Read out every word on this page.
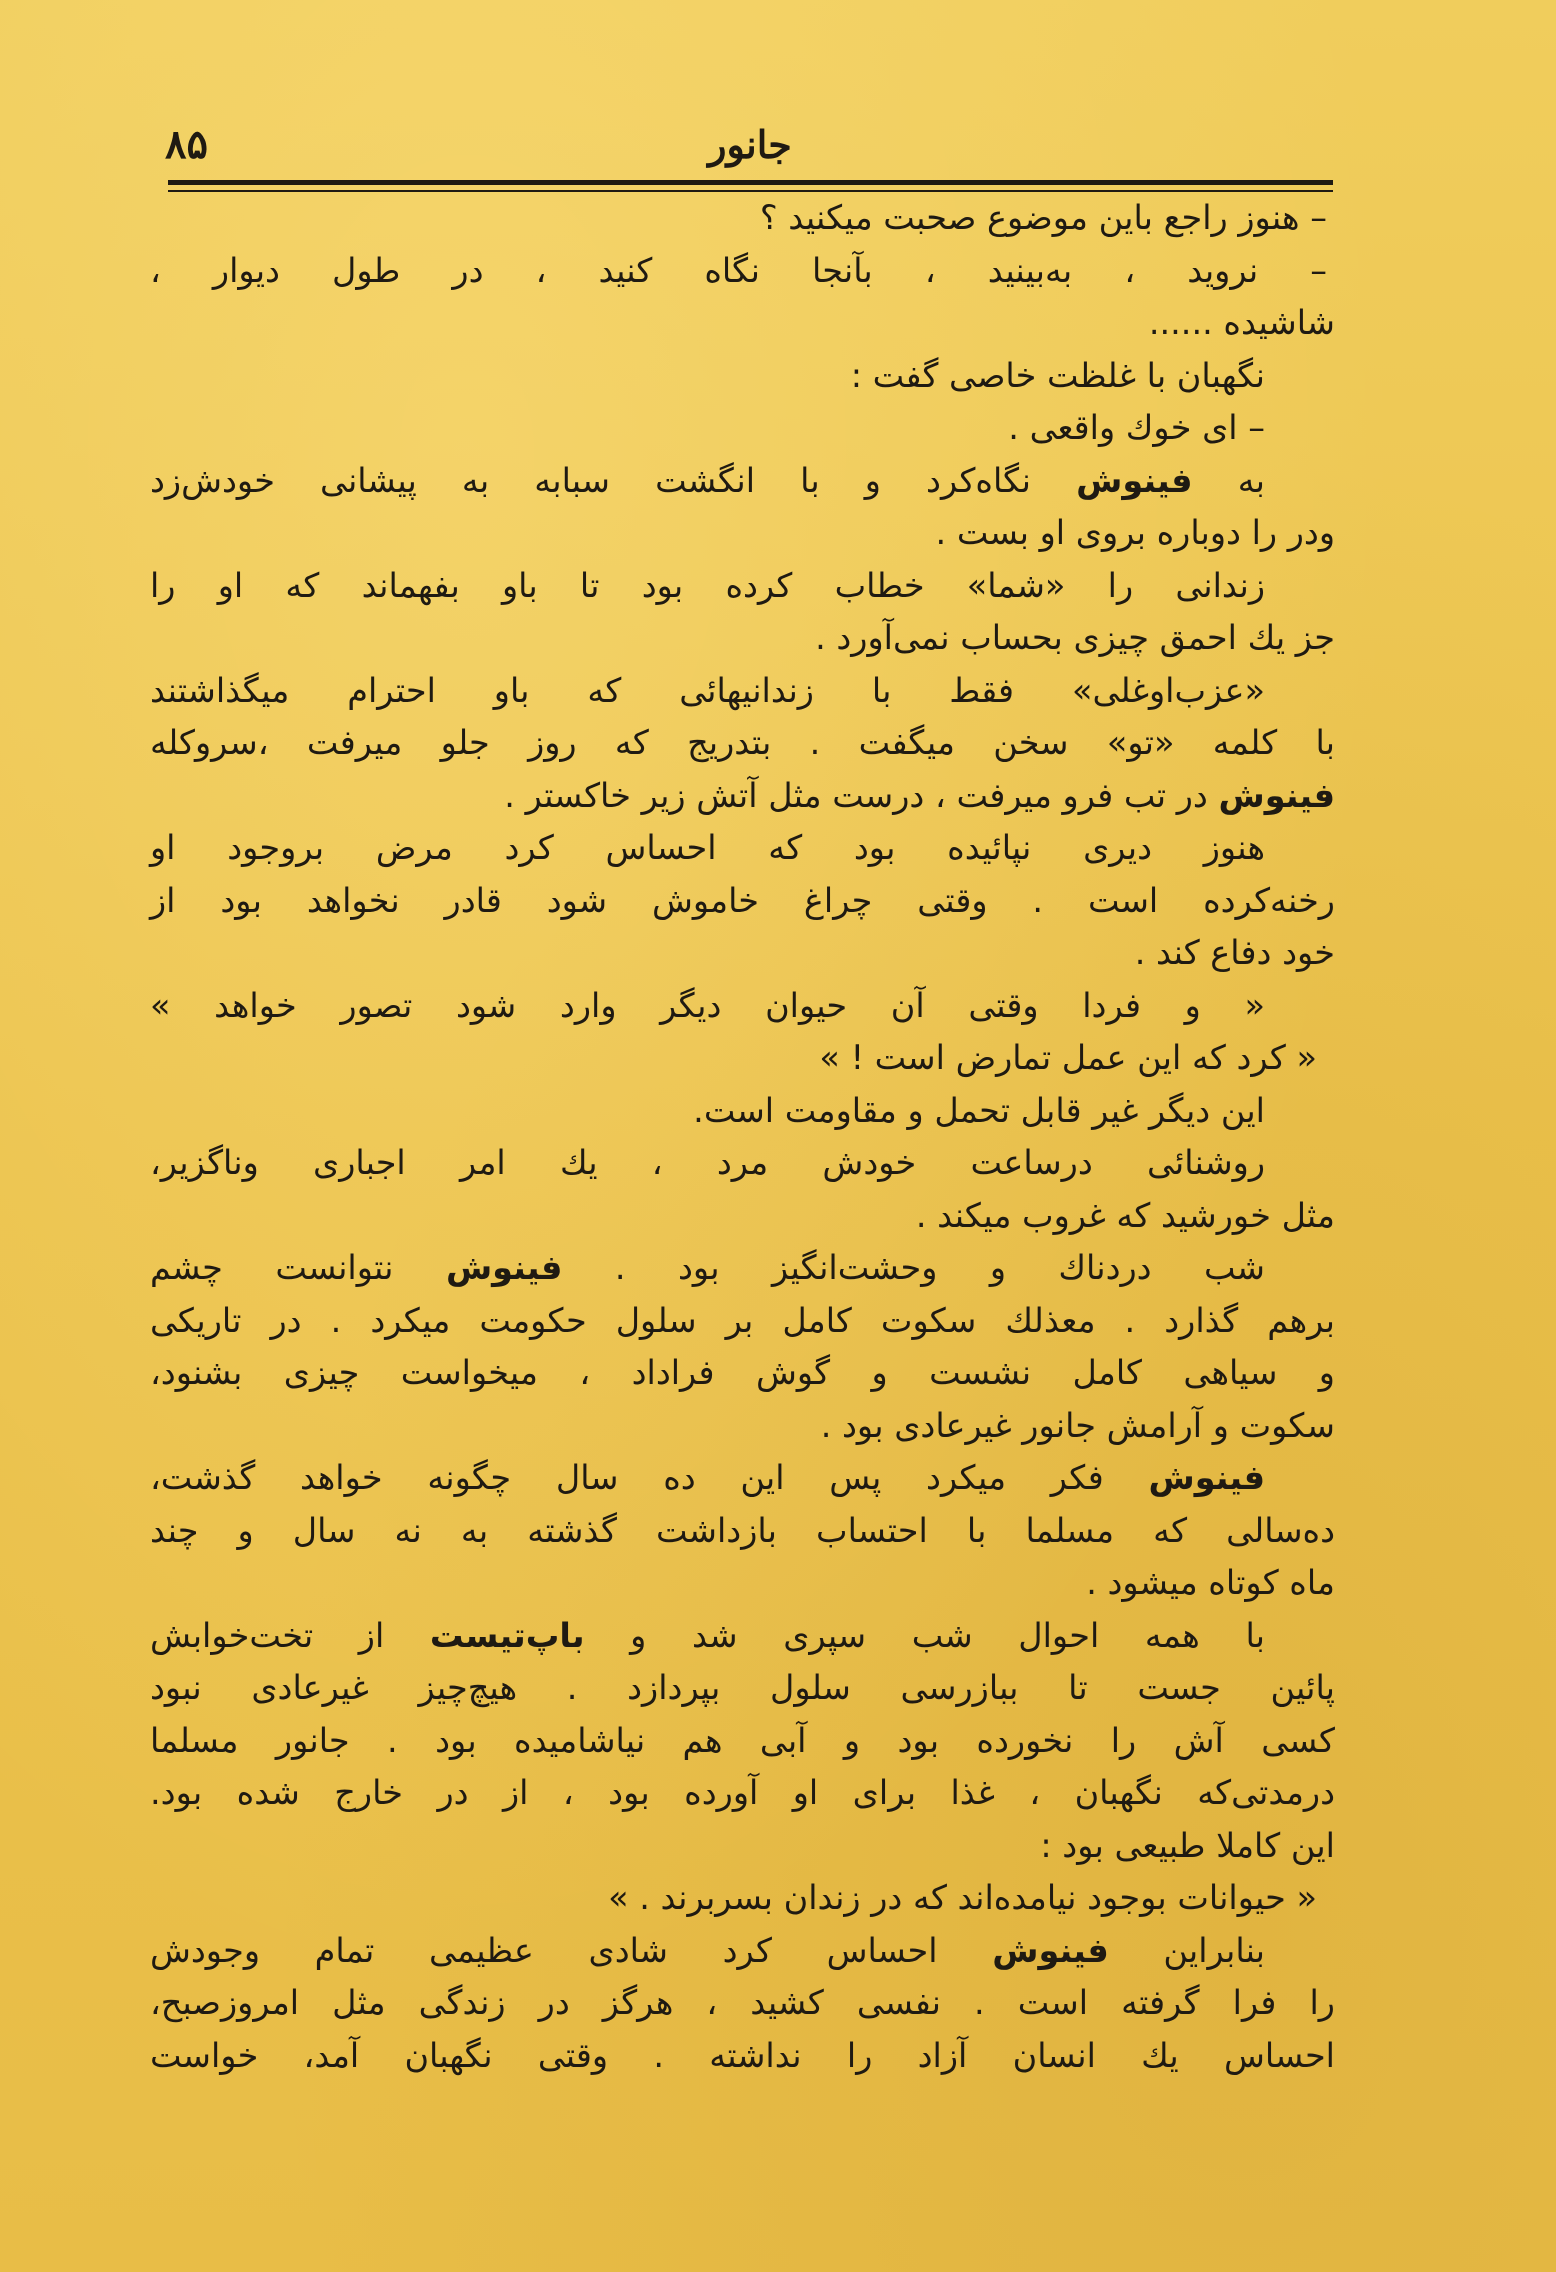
۸۵	جانور
– هنوز راجع باین موضوع صحبت میکنید ؟
– نروید ، به‌بینید ، بآنجا نگاه کنید ، در طول دیوار ،
شاشیده ......
نگهبان با غلظت خاصی گفت :
– ای خوك واقعی .
به فینوش نگاه‌کرد و با انگشت سبابه به پیشانی خودش‌زد
ودر را دوباره بروی او بست .
زندانی را «شما» خطاب کرده بود تا باو بفهماند که او را
جز یك احمق چیزی بحساب نمی‌آورد .
«عزب‌اوغلی» فقط با زندانیهائی که باو احترام میگذاشتند
با کلمه «تو» سخن میگفت . بتدریج که روز جلو میرفت ،سروکله
فینوش در تب فرو میرفت ، درست مثل آتش زیر خاکستر .
هنوز دیری نپائیده بود که احساس کرد مرض بروجود او
رخنه‌کرده است . وقتی چراغ خاموش شود قادر نخواهد بود از
خود دفاع کند .
« و فردا وقتی آن حیوان دیگر وارد شود تصور خواهد »
« کرد که این عمل تمارض است ! »
این دیگر غیر قابل تحمل و مقاومت است.
روشنائی درساعت خودش مرد ، یك امر اجباری وناگزیر،
مثل خورشید که غروب میکند .
شب دردناك و وحشت‌انگیز بود . فینوش نتوانست چشم
برهم گذارد . معذلك سکوت کامل بر سلول حکومت میکرد . در تاریکی
و سیاهی کامل نشست و گوش فراداد ، میخواست چیزی بشنود،
سکوت و آرامش جانور غیرعادی بود .
فینوش فکر میکرد پس این ده سال چگونه خواهد گذشت،
ده‌سالی که مسلما با احتساب بازداشت گذشته به نه سال و چند
ماه کوتاه میشود .
با همه احوال شب سپری شد و باپ‌تیست از تخت‌خوابش
پائین جست تا ببازرسی سلول بپردازد . هیچ‌چیز غیرعادی نبود
کسی آش را نخورده بود و آبی هم نیاشامیده بود . جانور مسلما
درمدتی‌که نگهبان ، غذا برای او آورده بود ، از در خارج شده بود.
این کاملا طبیعی بود :
« حیوانات بوجود نیامده‌اند که در زندان بسربرند . »
بنابراین فینوش احساس کرد شادی عظیمی تمام وجودش
را فرا گرفته است . نفسی کشید ، هرگز در زندگی مثل امروزصبح،
احساس یك انسان آزاد را نداشته . وقتی نگهبان آمد، خواست
